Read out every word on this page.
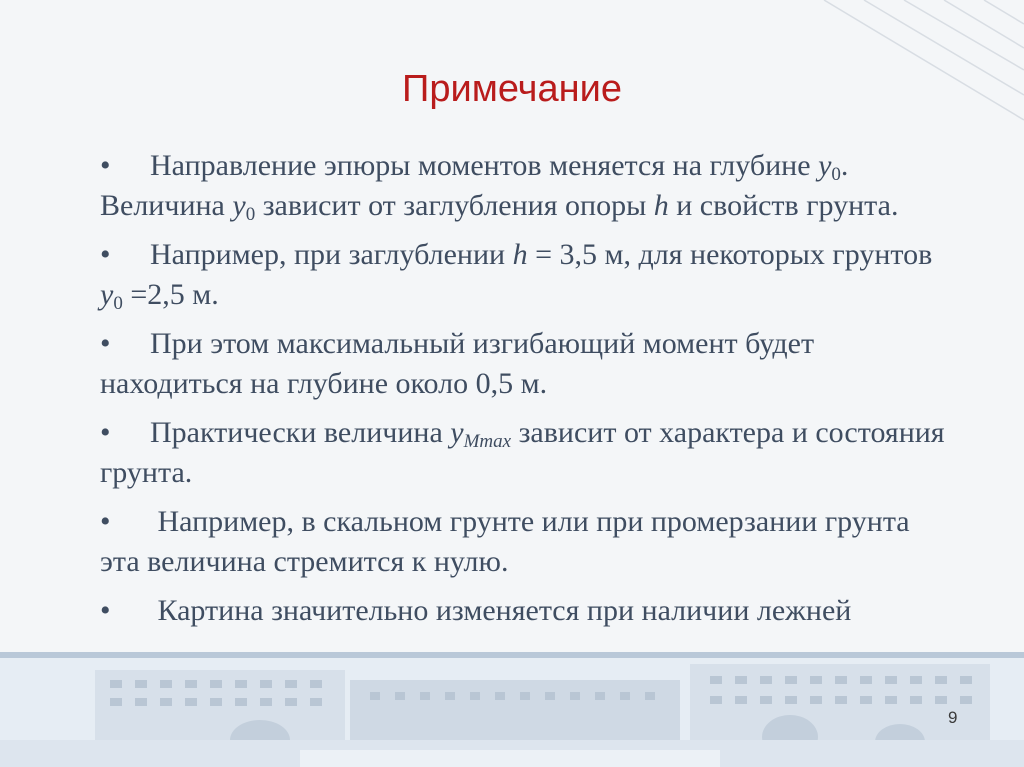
Примечание
• Направление эпюры моментов меняется на глубине $y_0$. Величина $y_0$ зависит от заглубления опоры h и свойств грунта.
• Например, при заглублении h = 3,5 м, для некоторых грунтов $y_0 =2,5$ м.
• При этом максимальный изгибающий момент будет находиться на глубине около 0,5 м.
• Практически величина $y_{Mmax}$ зависит от характера и состояния грунта.
• Например, в скальном грунте или при промерзании грунта эта величина стремится к нулю.
• Картина значительно изменяется при наличии лежней
9
